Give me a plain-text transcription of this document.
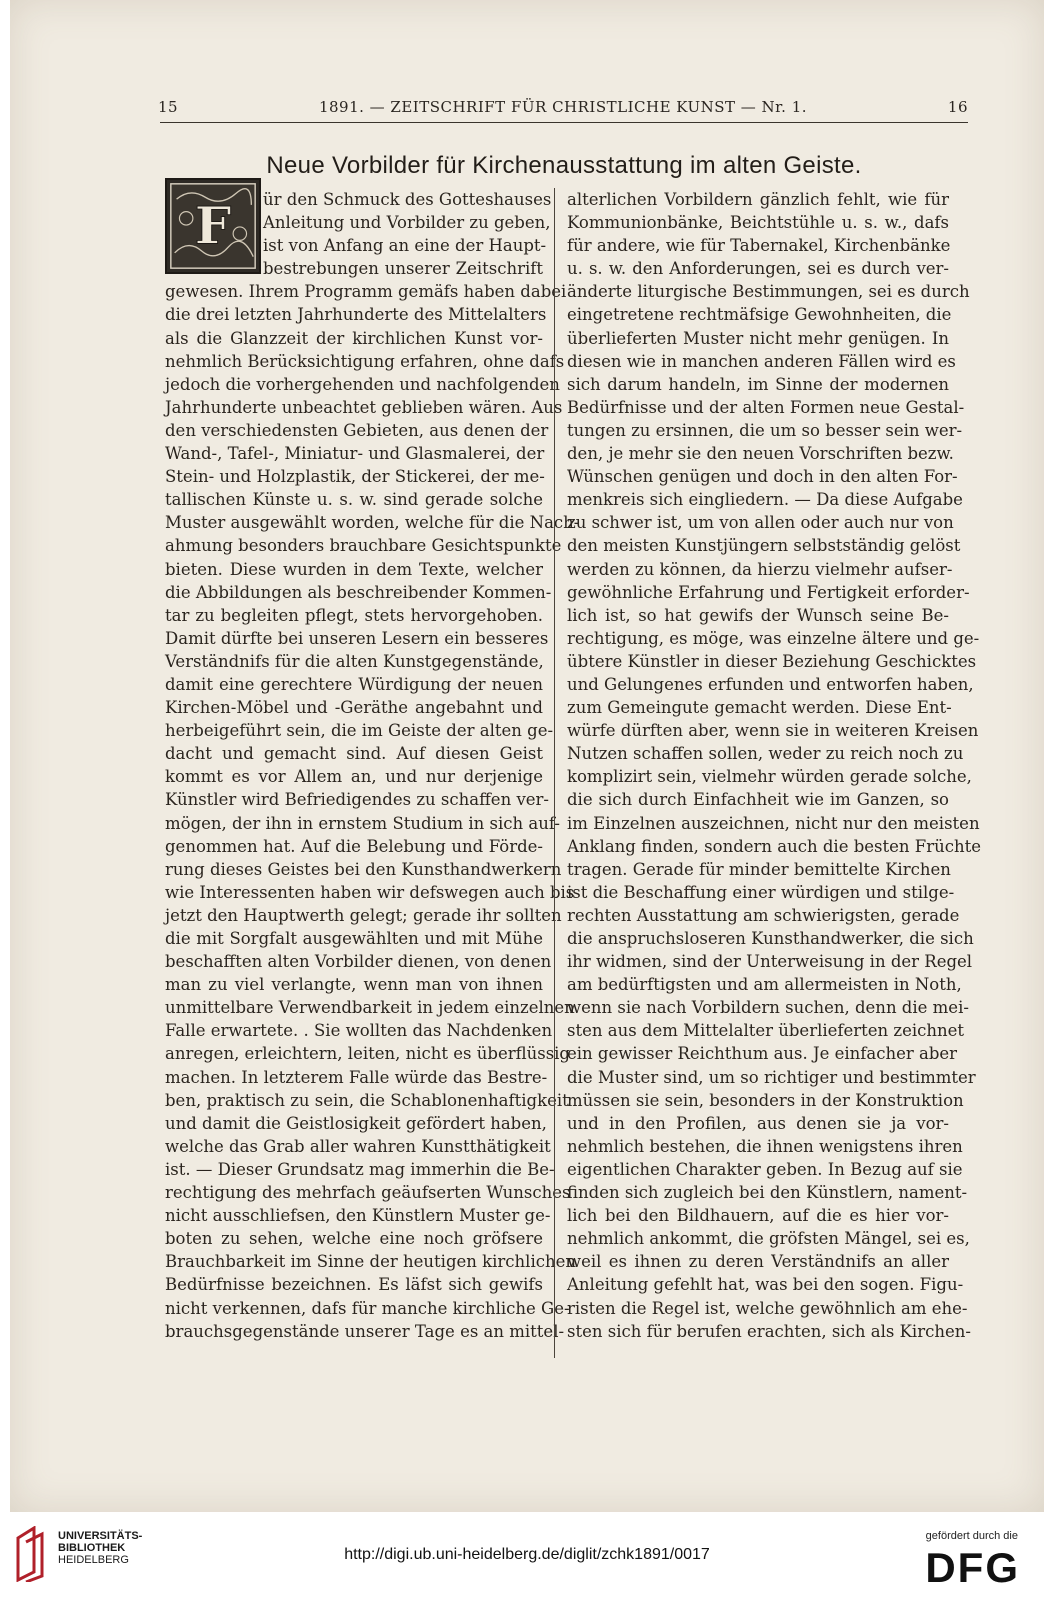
15	1891. — ZEITSCHRIFT FÜR CHRISTLICHE KUNST — Nr. 1.	16
Neue Vorbilder für Kirchenausstattung im alten Geiste.
F ür den Schmuck des Gotteshauses
Anleitung und Vorbilder zu geben,
ist von Anfang an eine der Haupt-
bestrebungen unserer Zeitschrift
gewesen. Ihrem Programm gemäfs haben dabei
die drei letzten Jahrhunderte des Mittelalters
als die Glanzzeit der kirchlichen Kunst vor-
nehmlich Berücksichtigung erfahren, ohne dafs
jedoch die vorhergehenden und nachfolgenden
Jahrhunderte unbeachtet geblieben wären. Aus
den verschiedensten Gebieten, aus denen der
Wand-, Tafel-, Miniatur- und Glasmalerei, der
Stein- und Holzplastik, der Stickerei, der me-
tallischen Künste u. s. w. sind gerade solche
Muster ausgewählt worden, welche für die Nach-
ahmung besonders brauchbare Gesichtspunkte
bieten. Diese wurden in dem Texte, welcher
die Abbildungen als beschreibender Kommen-
tar zu begleiten pflegt, stets hervorgehoben.
Damit dürfte bei unseren Lesern ein besseres
Verständnifs für die alten Kunstgegenstände,
damit eine gerechtere Würdigung der neuen
Kirchen-Möbel und -Geräthe angebahnt und
herbeigeführt sein, die im Geiste der alten ge-
dacht und gemacht sind. Auf diesen Geist
kommt es vor Allem an, und nur derjenige
Künstler wird Befriedigendes zu schaffen ver-
mögen, der ihn in ernstem Studium in sich auf-
genommen hat. Auf die Belebung und Förde-
rung dieses Geistes bei den Kunsthandwerkern
wie Interessenten haben wir defswegen auch bis
jetzt den Hauptwerth gelegt; gerade ihr sollten
die mit Sorgfalt ausgewählten und mit Mühe
beschafften alten Vorbilder dienen, von denen
man zu viel verlangte, wenn man von ihnen
unmittelbare Verwendbarkeit in jedem einzelnen
Falle erwartete. . Sie wollten das Nachdenken
anregen, erleichtern, leiten, nicht es überflüssig
machen. In letzterem Falle würde das Bestre-
ben, praktisch zu sein, die Schablonenhaftigkeit
und damit die Geistlosigkeit gefördert haben,
welche das Grab aller wahren Kunstthätigkeit
ist. — Dieser Grundsatz mag immerhin die Be-
rechtigung des mehrfach geäufserten Wunsches
nicht ausschliefsen, den Künstlern Muster ge-
boten zu sehen, welche eine noch gröfsere
Brauchbarkeit im Sinne der heutigen kirchlichen
Bedürfnisse bezeichnen. Es läfst sich gewifs
nicht verkennen, dafs für manche kirchliche Ge-
brauchsgegenstände unserer Tage es an mittel-
alterlichen Vorbildern gänzlich fehlt, wie für
Kommunionbänke, Beichtstühle u. s. w., dafs
für andere, wie für Tabernakel, Kirchenbänke
u. s. w. den Anforderungen, sei es durch ver-
änderte liturgische Bestimmungen, sei es durch
eingetretene rechtmäfsige Gewohnheiten, die
überlieferten Muster nicht mehr genügen. In
diesen wie in manchen anderen Fällen wird es
sich darum handeln, im Sinne der modernen
Bedürfnisse und der alten Formen neue Gestal-
tungen zu ersinnen, die um so besser sein wer-
den, je mehr sie den neuen Vorschriften bezw.
Wünschen genügen und doch in den alten For-
menkreis sich eingliedern. — Da diese Aufgabe
zu schwer ist, um von allen oder auch nur von
den meisten Kunstjüngern selbstständig gelöst
werden zu können, da hierzu vielmehr aufser-
gewöhnliche Erfahrung und Fertigkeit erforder-
lich ist, so hat gewifs der Wunsch seine Be-
rechtigung, es möge, was einzelne ältere und ge-
übtere Künstler in dieser Beziehung Geschicktes
und Gelungenes erfunden und entworfen haben,
zum Gemeingute gemacht werden. Diese Ent-
würfe dürften aber, wenn sie in weiteren Kreisen
Nutzen schaffen sollen, weder zu reich noch zu
komplizirt sein, vielmehr würden gerade solche,
die sich durch Einfachheit wie im Ganzen, so
im Einzelnen auszeichnen, nicht nur den meisten
Anklang finden, sondern auch die besten Früchte
tragen. Gerade für minder bemittelte Kirchen
ist die Beschaffung einer würdigen und stilge-
rechten Ausstattung am schwierigsten, gerade
die anspruchsloseren Kunsthandwerker, die sich
ihr widmen, sind der Unterweisung in der Regel
am bedürftigsten und am allermeisten in Noth,
wenn sie nach Vorbildern suchen, denn die mei-
sten aus dem Mittelalter überlieferten zeichnet
ein gewisser Reichthum aus. Je einfacher aber
die Muster sind, um so richtiger und bestimmter
müssen sie sein, besonders in der Konstruktion
und in den Profilen, aus denen sie ja vor-
nehmlich bestehen, die ihnen wenigstens ihren
eigentlichen Charakter geben. In Bezug auf sie
finden sich zugleich bei den Künstlern, nament-
lich bei den Bildhauern, auf die es hier vor-
nehmlich ankommt, die gröfsten Mängel, sei es,
weil es ihnen zu deren Verständnifs an aller
Anleitung gefehlt hat, was bei den sogen. Figu-
risten die Regel ist, welche gewöhnlich am ehe-
sten sich für berufen erachten, sich als Kirchen-
UNIVERSITÄTS-
BIBLIOTHEK
HEIDELBERG	http://digi.ub.uni-heidelberg.de/diglit/zchk1891/0017
gefördert durch die
DFG
